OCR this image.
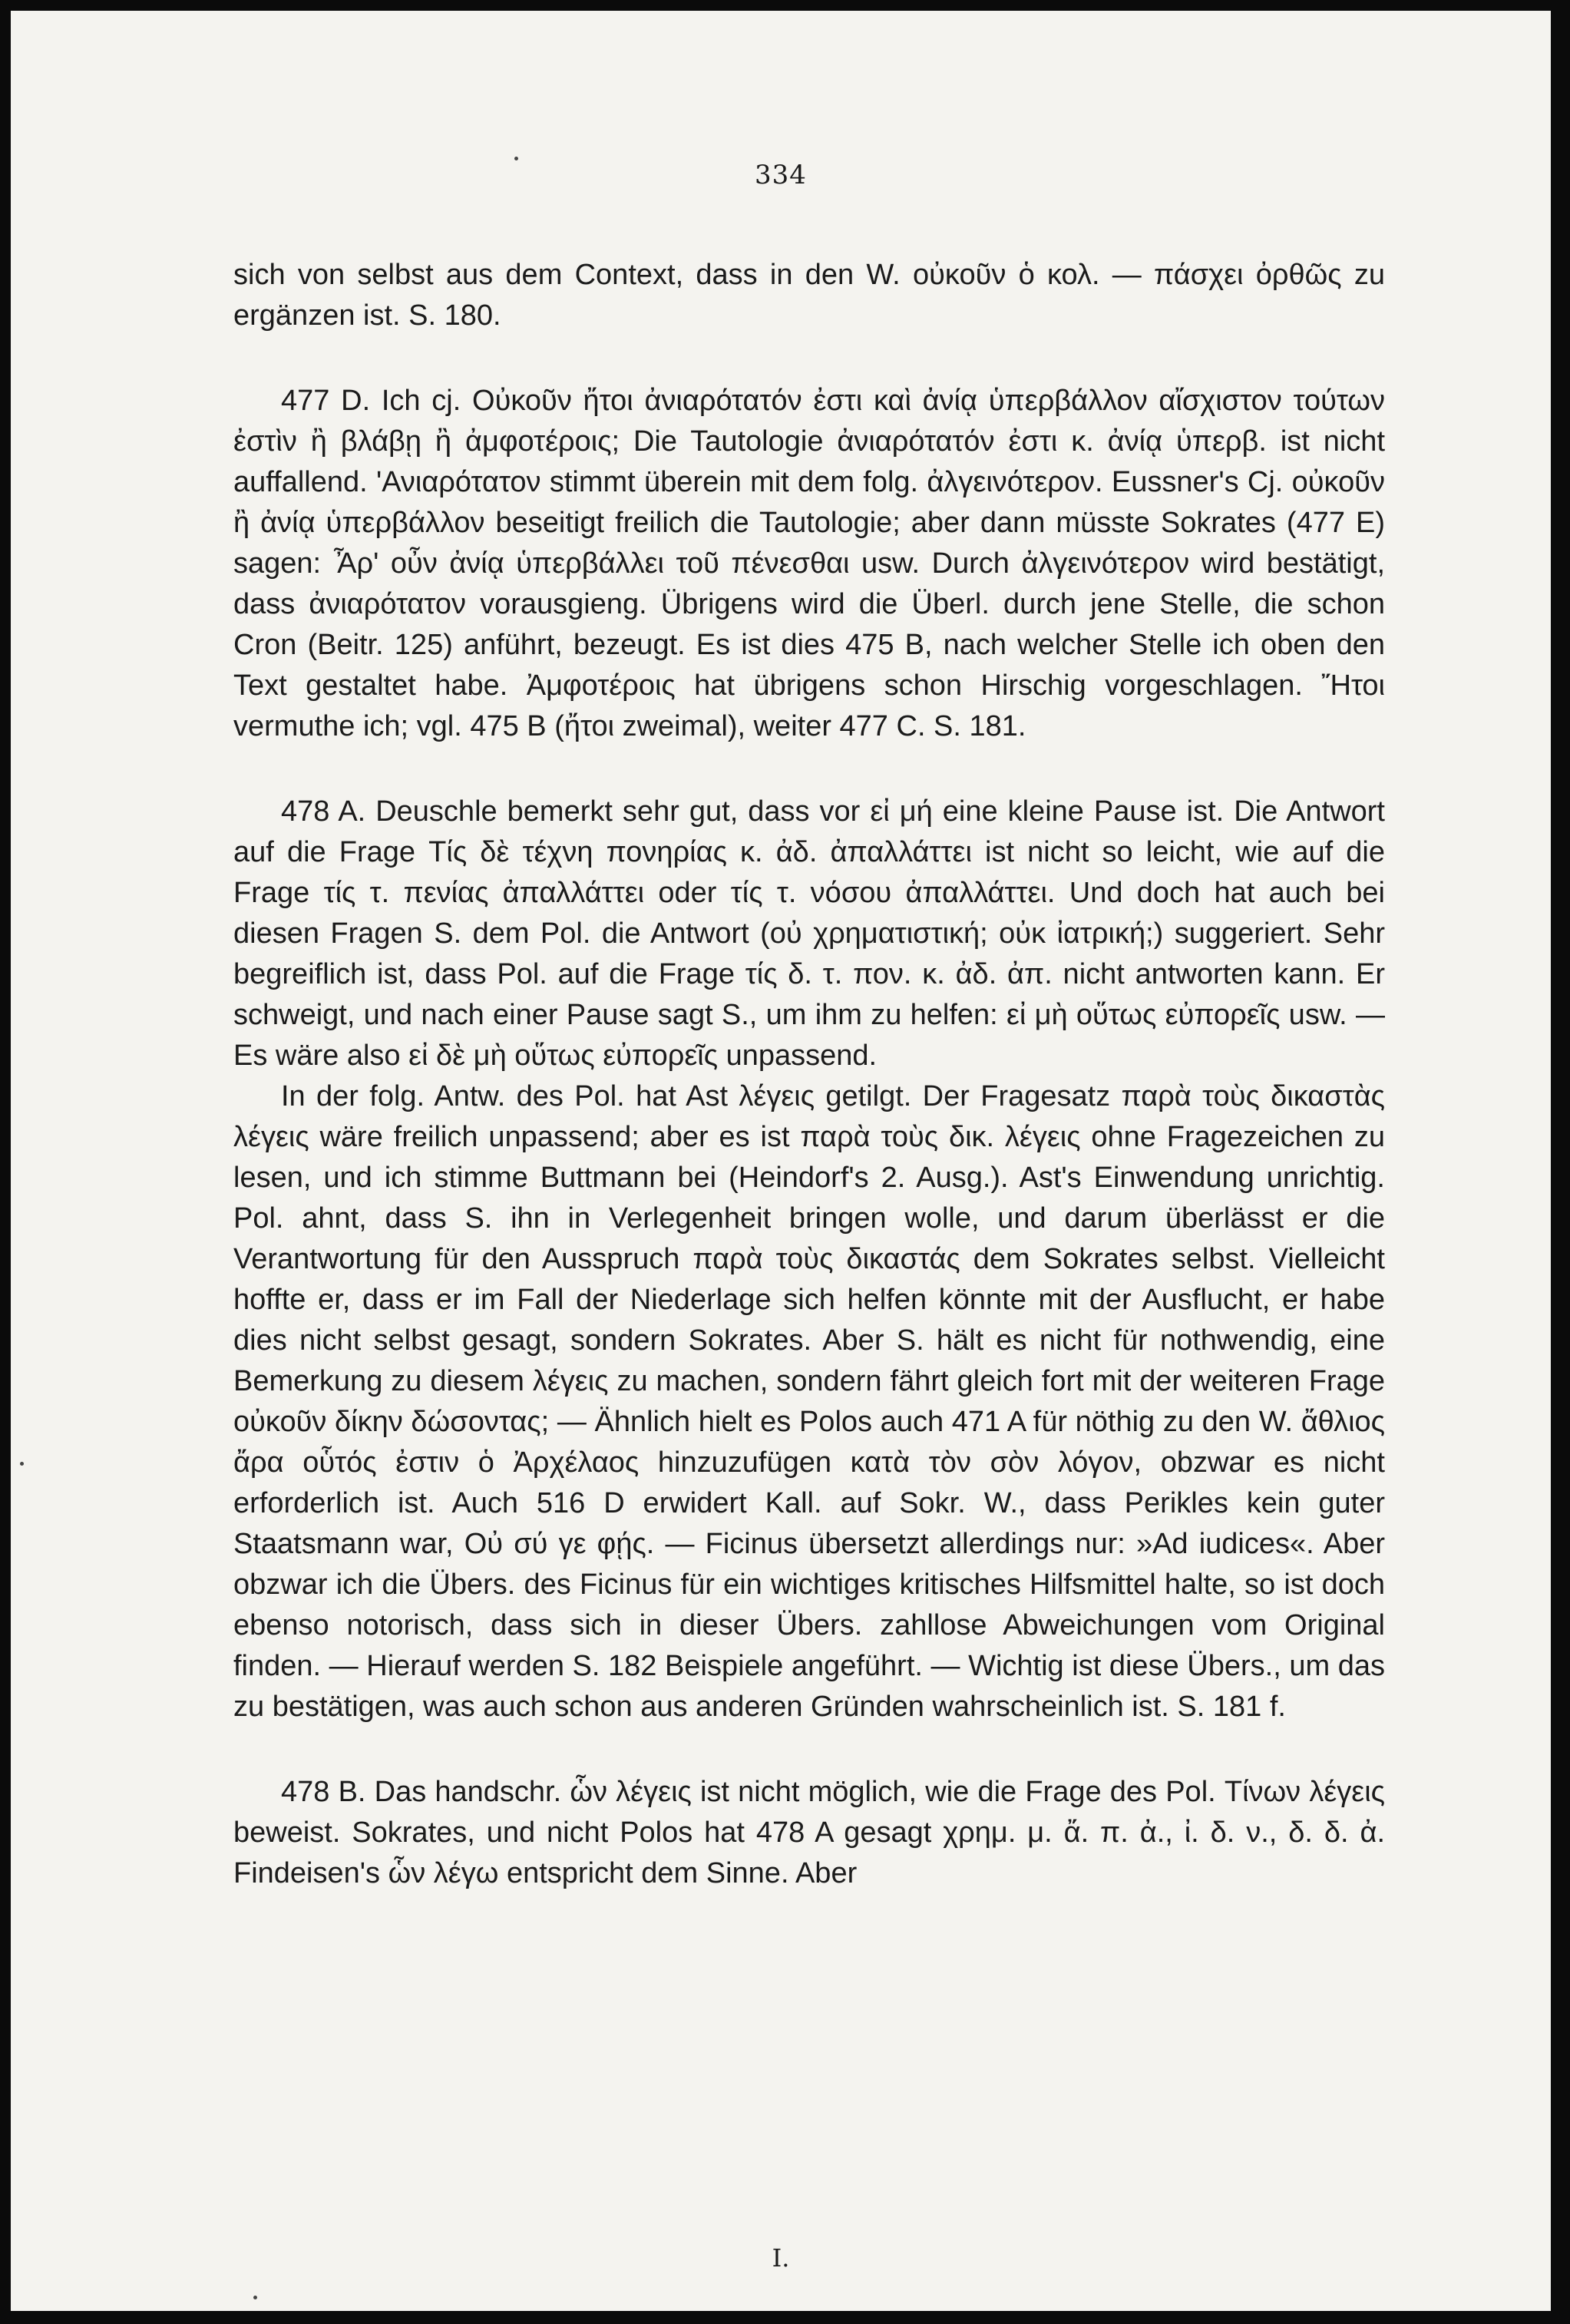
334

sich von selbst aus dem Context, dass in den W. οὐκοῦν ὁ κολ. — πάσχει ὀρθῶς zu ergänzen ist. S. 180.

477 D. Ich cj. Οὐκοῦν ἤτοι ἀνιαρότατόν ἐστι καὶ ἀνίᾳ ὑπερβάλλον αἴσχιστον τούτων ἐστὶν ἢ βλάβῃ ἢ ἀμφοτέροις; Die Tautologie ἀνιαρότατόν ἐστι κ. ἀνίᾳ ὑπερβ. ist nicht auffallend. 'Ανιαρότατον stimmt überein mit dem folg. ἀλγεινότερον. Eussner's Cj. οὐκοῦν ἢ ἀνίᾳ ὑπερβάλλον beseitigt freilich die Tautologie; aber dann müsste Sokrates (477 E) sagen: Ἆρ' οὖν ἀνίᾳ ὑπερβάλλει τοῦ πένεσθαι usw. Durch ἀλγεινότερον wird bestätigt, dass ἀνιαρότατον vorausgieng. Übrigens wird die Überl. durch jene Stelle, die schon Cron (Beitr. 125) anführt, bezeugt. Es ist dies 475 B, nach welcher Stelle ich oben den Text gestaltet habe. Ἀμφοτέροις hat übrigens schon Hirschig vorgeschlagen. Ἤτοι vermuthe ich; vgl. 475 B (ἤτοι zweimal), weiter 477 C. S. 181.

478 A. Deuschle bemerkt sehr gut, dass vor εἰ μή eine kleine Pause ist. Die Antwort auf die Frage Τίς δὲ τέχνη πονηρίας κ. ἀδ. ἀπαλλάττει ist nicht so leicht, wie auf die Frage τίς τ. πενίας ἀπαλλάττει oder τίς τ. νόσου ἀπαλλάττει. Und doch hat auch bei diesen Fragen S. dem Pol. die Antwort (οὐ χρηματιστική; οὐκ ἰατρική;) suggeriert. Sehr begreiflich ist, dass Pol. auf die Frage τίς δ. τ. πον. κ. ἀδ. ἀπ. nicht antworten kann. Er schweigt, und nach einer Pause sagt S., um ihm zu helfen: εἰ μὴ οὕτως εὐπορεῖς usw. — Es wäre also εἰ δὲ μὴ οὕτως εὐπορεῖς unpassend.

In der folg. Antw. des Pol. hat Ast λέγεις getilgt. Der Fragesatz παρὰ τοὺς δικαστὰς λέγεις wäre freilich unpassend; aber es ist παρὰ τοὺς δικ. λέγεις ohne Fragezeichen zu lesen, und ich stimme Buttmann bei (Heindorf's 2. Ausg.). Ast's Einwendung unrichtig. Pol. ahnt, dass S. ihn in Verlegenheit bringen wolle, und darum überlässt er die Verantwortung für den Ausspruch παρὰ τοὺς δικαστάς dem Sokrates selbst. Vielleicht hoffte er, dass er im Fall der Niederlage sich helfen könnte mit der Ausflucht, er habe dies nicht selbst gesagt, sondern Sokrates. Aber S. hält es nicht für nothwendig, eine Bemerkung zu diesem λέγεις zu machen, sondern fährt gleich fort mit der weiteren Frage οὐκοῦν δίκην δώσοντας; — Ähnlich hielt es Polos auch 471 A für nöthig zu den W. ἄθλιος ἄρα οὗτός ἐστιν ὁ Ἀρχέλαος hinzuzufügen κατὰ τὸν σὸν λόγον, obzwar es nicht erforderlich ist. Auch 516 D erwidert Kall. auf Sokr. W., dass Perikles kein guter Staatsmann war, Οὐ σύ γε φῄς. — Ficinus übersetzt allerdings nur: »Ad iudices«. Aber obzwar ich die Übers. des Ficinus für ein wichtiges kritisches Hilfsmittel halte, so ist doch ebenso notorisch, dass sich in dieser Übers. zahllose Abweichungen vom Original finden. — Hierauf werden S. 182 Beispiele angeführt. — Wichtig ist diese Übers., um das zu bestätigen, was auch schon aus anderen Gründen wahrscheinlich ist. S. 181 f.

478 B. Das handschr. ὧν λέγεις ist nicht möglich, wie die Frage des Pol. Τίνων λέγεις beweist. Sokrates, und nicht Polos hat 478 A gesagt χρημ. μ. ἄ. π. ἀ., ἰ. δ. ν., δ. δ. ἀ. Findeisen's ὧν λέγω entspricht dem Sinne. Aber

I.
